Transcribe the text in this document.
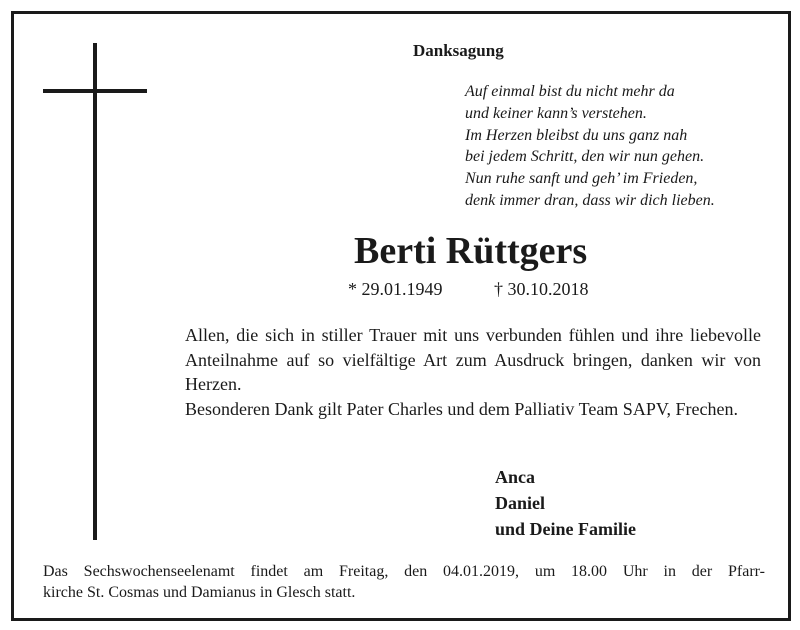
Danksagung
Auf einmal bist du nicht mehr da
und keiner kann’s verstehen.
Im Herzen bleibst du uns ganz nah
bei jedem Schritt, den wir nun gehen.
Nun ruhe sanft und geh’ im Frieden,
denk immer dran, dass wir dich lieben.
Berti Rüttgers
* 29.01.1949	† 30.10.2018

Allen, die sich in stiller Trauer mit uns verbunden fühlen und ihre liebevolle Anteilnahme auf so vielfältige Art zum Ausdruck bringen, danken wir von Herzen.

Besonderen Dank gilt Pater Charles und dem Palliativ Team SAPV, Frechen.

Anca
Daniel
und Deine Familie
Das Sechswochenseelenamt findet am Freitag, den 04.01.2019, um 18.00 Uhr in der Pfarr-
kirche St. Cosmas und Damianus in Glesch statt.
